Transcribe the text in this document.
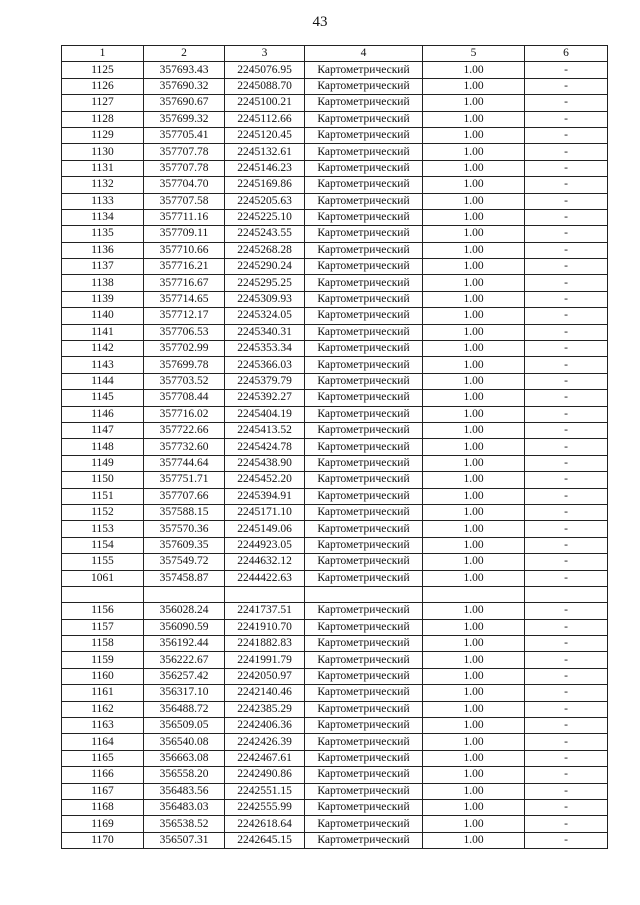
43
1	2	3	4	5	6
1125	357693.43	2245076.95	Картометрический	1.00	-
1126	357690.32	2245088.70	Картометрический	1.00	-
1127	357690.67	2245100.21	Картометрический	1.00	-
1128	357699.32	2245112.66	Картометрический	1.00	-
1129	357705.41	2245120.45	Картометрический	1.00	-
1130	357707.78	2245132.61	Картометрический	1.00	-
1131	357707.78	2245146.23	Картометрический	1.00	-
1132	357704.70	2245169.86	Картометрический	1.00	-
1133	357707.58	2245205.63	Картометрический	1.00	-
1134	357711.16	2245225.10	Картометрический	1.00	-
1135	357709.11	2245243.55	Картометрический	1.00	-
1136	357710.66	2245268.28	Картометрический	1.00	-
1137	357716.21	2245290.24	Картометрический	1.00	-
1138	357716.67	2245295.25	Картометрический	1.00	-
1139	357714.65	2245309.93	Картометрический	1.00	-
1140	357712.17	2245324.05	Картометрический	1.00	-
1141	357706.53	2245340.31	Картометрический	1.00	-
1142	357702.99	2245353.34	Картометрический	1.00	-
1143	357699.78	2245366.03	Картометрический	1.00	-
1144	357703.52	2245379.79	Картометрический	1.00	-
1145	357708.44	2245392.27	Картометрический	1.00	-
1146	357716.02	2245404.19	Картометрический	1.00	-
1147	357722.66	2245413.52	Картометрический	1.00	-
1148	357732.60	2245424.78	Картометрический	1.00	-
1149	357744.64	2245438.90	Картометрический	1.00	-
1150	357751.71	2245452.20	Картометрический	1.00	-
1151	357707.66	2245394.91	Картометрический	1.00	-
1152	357588.15	2245171.10	Картометрический	1.00	-
1153	357570.36	2245149.06	Картометрический	1.00	-
1154	357609.35	2244923.05	Картометрический	1.00	-
1155	357549.72	2244632.12	Картометрический	1.00	-
1061	357458.87	2244422.63	Картометрический	1.00	-

1156	356028.24	2241737.51	Картометрический	1.00	-
1157	356090.59	2241910.70	Картометрический	1.00	-
1158	356192.44	2241882.83	Картометрический	1.00	-
1159	356222.67	2241991.79	Картометрический	1.00	-
1160	356257.42	2242050.97	Картометрический	1.00	-
1161	356317.10	2242140.46	Картометрический	1.00	-
1162	356488.72	2242385.29	Картометрический	1.00	-
1163	356509.05	2242406.36	Картометрический	1.00	-
1164	356540.08	2242426.39	Картометрический	1.00	-
1165	356663.08	2242467.61	Картометрический	1.00	-
1166	356558.20	2242490.86	Картометрический	1.00	-
1167	356483.56	2242551.15	Картометрический	1.00	-
1168	356483.03	2242555.99	Картометрический	1.00	-
1169	356538.52	2242618.64	Картометрический	1.00	-
1170	356507.31	2242645.15	Картометрический	1.00	-
